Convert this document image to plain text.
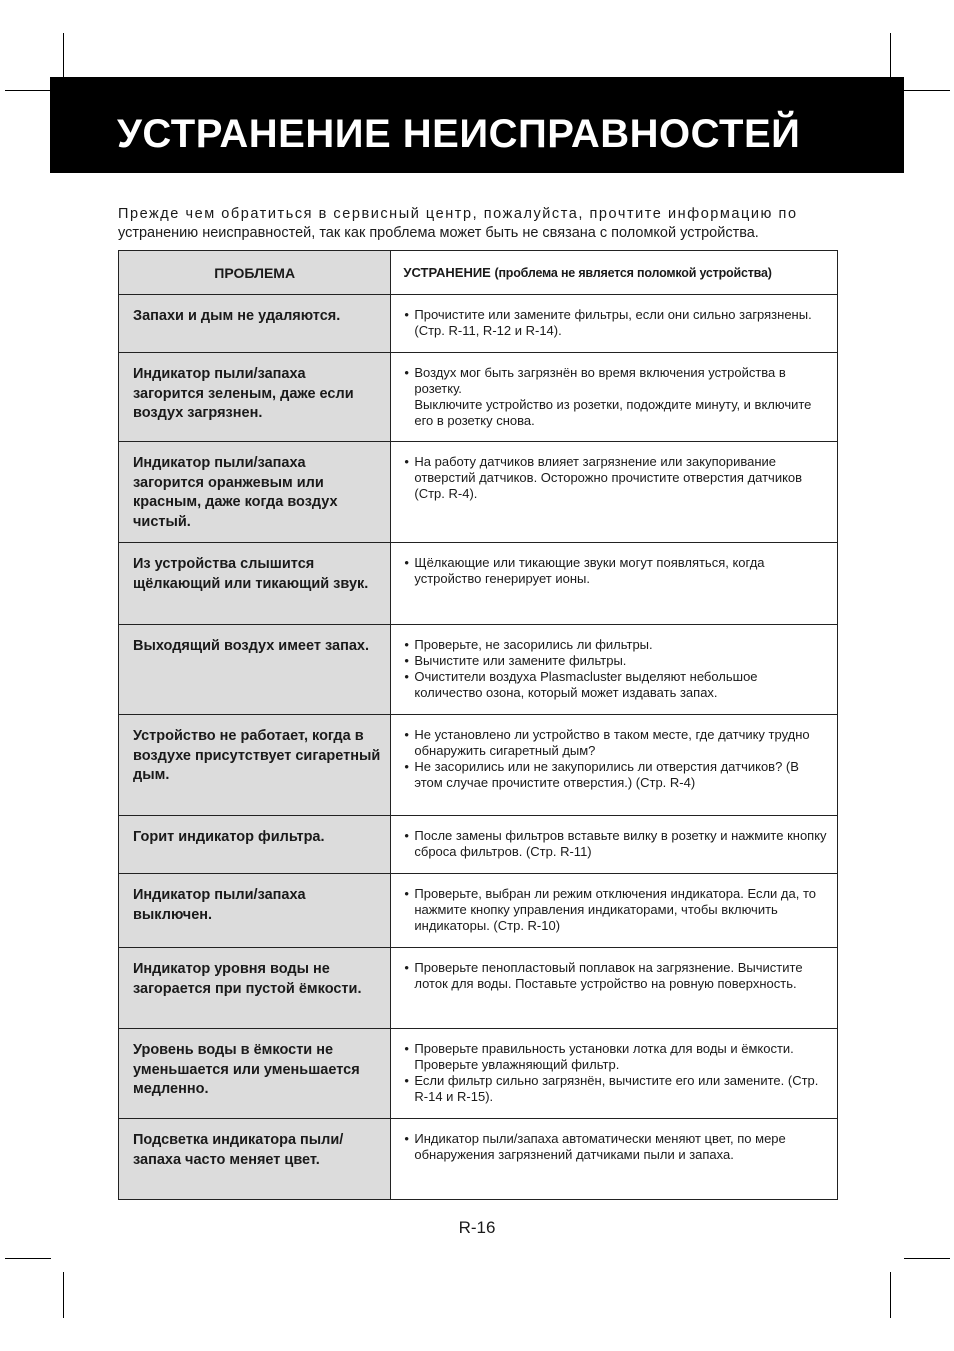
УСТРАНЕНИЕ НЕИСПРАВНОСТЕЙ
Прежде чем обратиться в сервисный центр, пожалуйста, прочтите информацию по
устранению неисправностей, так как проблема может быть не связана с поломкой устройства.
ПРОБЛЕМА	УСТРАНЕНИЕ (проблема не является поломкой устройства)
Запахи и дым не удаляются.	• Прочистите или замените фильтры, если они сильно загрязнены. (Стр. R-11, R-12 и R-14).

Индикатор пыли/запаха загорится зеленым, даже если воздух загрязнен.	• Воздух мог быть загрязнён во время включения устройства в розетку.
Выключите устройство из розетки, подождите минуту, и включите его в розетку снова.

Индикатор пыли/запаха загорится оранжевым или красным, даже когда воздух чистый.	• На работу датчиков влияет загрязнение или закупоривание отверстий датчиков. Осторожно прочистите отверстия датчиков (Стр. R-4).

Из устройства слышится щёлкающий или тикающий звук.	• Щёлкающие или тикающие звуки могут появляться, когда устройство генерирует ионы.

Выходящий воздух имеет запах.	• Проверьте, не засорились ли фильтры.
• Вычистите или замените фильтры.
• Очистители воздуха Plasmacluster выделяют небольшое количество озона, который может издавать запах.

Устройство не работает, когда в воздухе присутствует сигаретный дым.	• Не установлено ли устройство в таком месте, где датчику трудно обнаружить сигаретный дым?
• Не засорились или не закупорились ли отверстия датчиков? (В этом случае прочистите отверстия.) (Стр. R-4)

Горит индикатор фильтра.	• После замены фильтров вставьте вилку в розетку и нажмите кнопку сброса фильтров. (Стр. R-11)

Индикатор пыли/запаха выключен.	• Проверьте, выбран ли режим отключения индикатора. Если да, то нажмите кнопку управления индикаторами, чтобы включить индикаторы. (Стр. R-10)

Индикатор уровня воды не загорается при пустой ёмкости.	• Проверьте пенопластовый поплавок на загрязнение. Вычистите лоток для воды. Поставьте устройство на ровную поверхность.

Уровень воды в ёмкости не уменьшается или уменьшается медленно.	• Проверьте правильность установки лотка для воды и ёмкости. Проверьте увлажняющий фильтр.
• Если фильтр сильно загрязнён, вычистите его или замените. (Стр. R-14 и R-15).

Подсветка индикатора пыли/запаха часто меняет цвет.	• Индикатор пыли/запаха автоматически меняют цвет, по мере обнаружения загрязнений датчиками пыли и запаха.
R-16
